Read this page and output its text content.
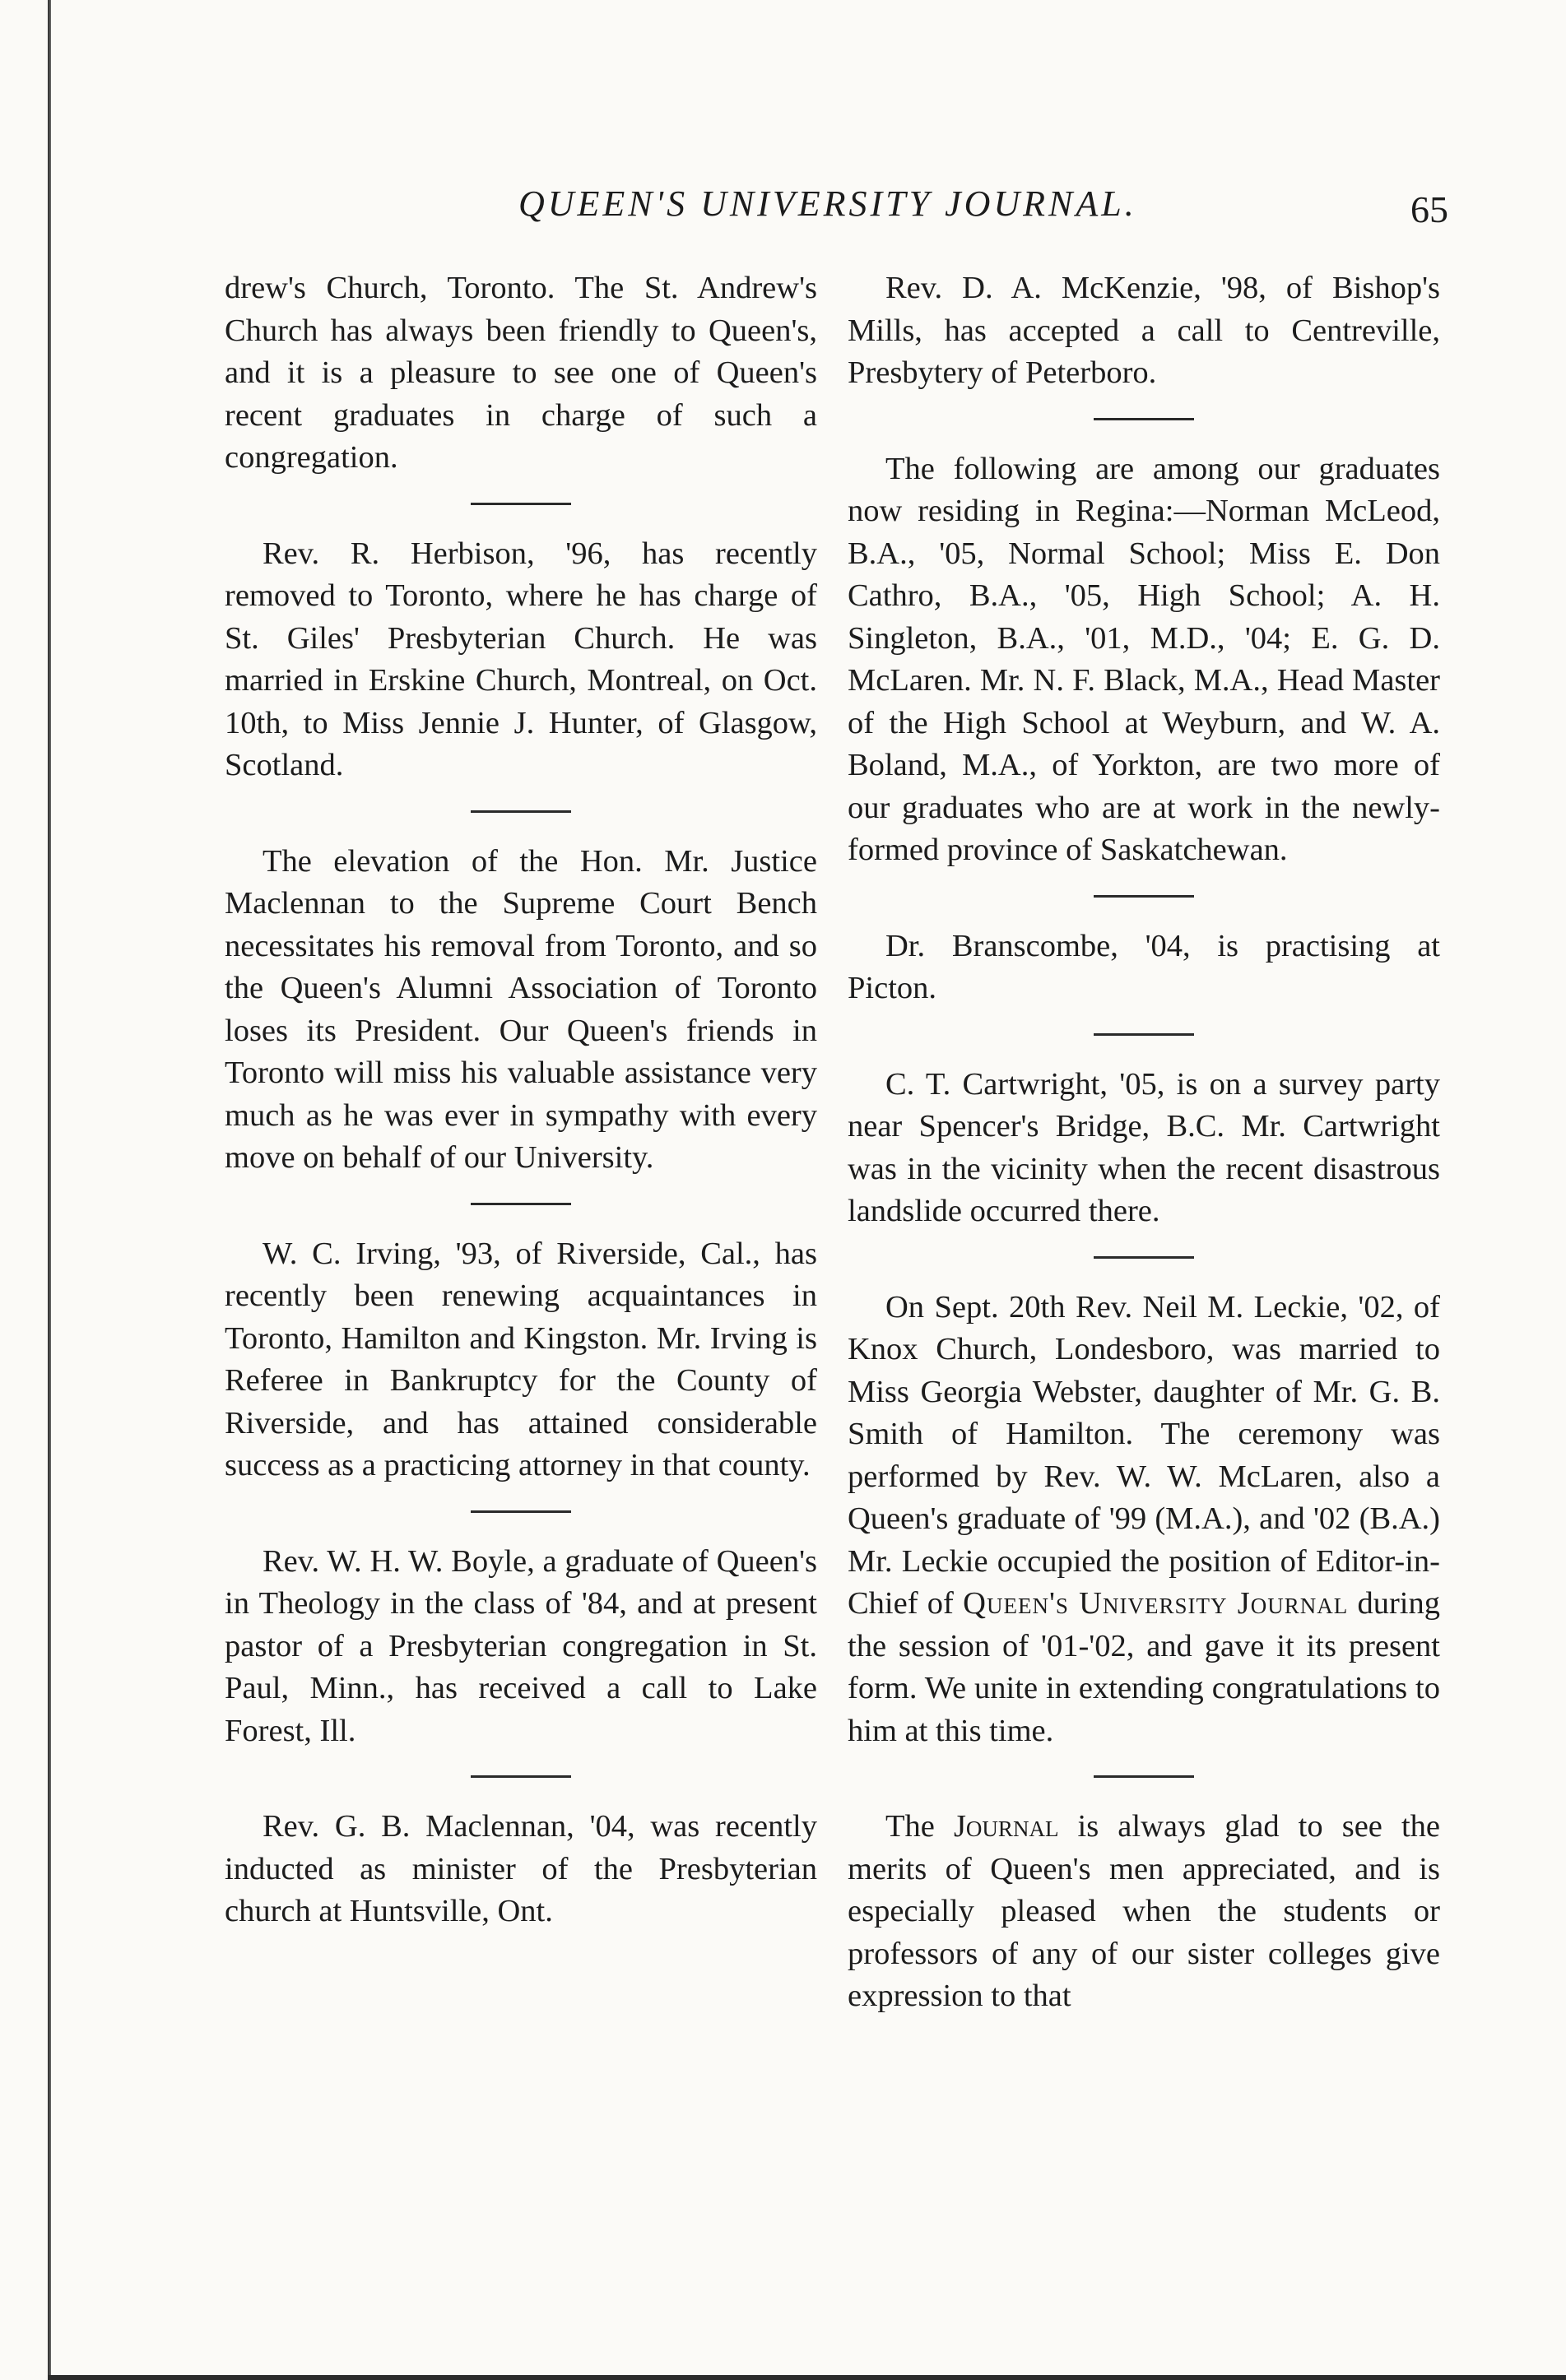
QUEEN'S UNIVERSITY JOURNAL.	65

drew's Church, Toronto. The St. Andrew's Church has always been friendly to Queen's, and it is a pleasure to see one of Queen's recent graduates in charge of such a congregation.

Rev. R. Herbison, '96, has recently removed to Toronto, where he has charge of St. Giles' Presbyterian Church. He was married in Erskine Church, Montreal, on Oct. 10th, to Miss Jennie J. Hunter, of Glasgow, Scotland.

The elevation of the Hon. Mr. Justice Maclennan to the Supreme Court Bench necessitates his removal from Toronto, and so the Queen's Alumni Association of Toronto loses its President. Our Queen's friends in Toronto will miss his valuable assistance very much as he was ever in sympathy with every move on behalf of our University.

W. C. Irving, '93, of Riverside, Cal., has recently been renewing acquaintances in Toronto, Hamilton and Kingston. Mr. Irving is Referee in Bankruptcy for the County of Riverside, and has attained considerable success as a practicing attorney in that county.

Rev. W. H. W. Boyle, a graduate of Queen's in Theology in the class of '84, and at present pastor of a Presbyterian congregation in St. Paul, Minn., has received a call to Lake Forest, Ill.

Rev. G. B. Maclennan, '04, was recently inducted as minister of the Presbyterian church at Huntsville, Ont.

Rev. D. A. McKenzie, '98, of Bishop's Mills, has accepted a call to Centreville, Presbytery of Peterboro.

The following are among our graduates now residing in Regina:—Norman McLeod, B.A., '05, Normal School; Miss E. Don Cathro, B.A., '05, High School; A. H. Singleton, B.A., '01, M.D., '04; E. G. D. McLaren. Mr. N. F. Black, M.A., Head Master of the High School at Weyburn, and W. A. Boland, M.A., of Yorkton, are two more of our graduates who are at work in the newly-formed province of Saskatchewan.

Dr. Branscombe, '04, is practising at Picton.

C. T. Cartwright, '05, is on a survey party near Spencer's Bridge, B.C. Mr. Cartwright was in the vicinity when the recent disastrous landslide occurred there.

On Sept. 20th Rev. Neil M. Leckie, '02, of Knox Church, Londesboro, was married to Miss Georgia Webster, daughter of Mr. G. B. Smith of Hamilton. The ceremony was performed by Rev. W. W. McLaren, also a Queen's graduate of '99 (M.A.), and '02 (B.A.) Mr. Leckie occupied the position of Editor-in-Chief of Queen's University Journal during the session of '01-'02, and gave it its present form. We unite in extending congratulations to him at this time.

The Journal is always glad to see the merits of Queen's men appreciated, and is especially pleased when the students or professors of any of our sister colleges give expression to that
